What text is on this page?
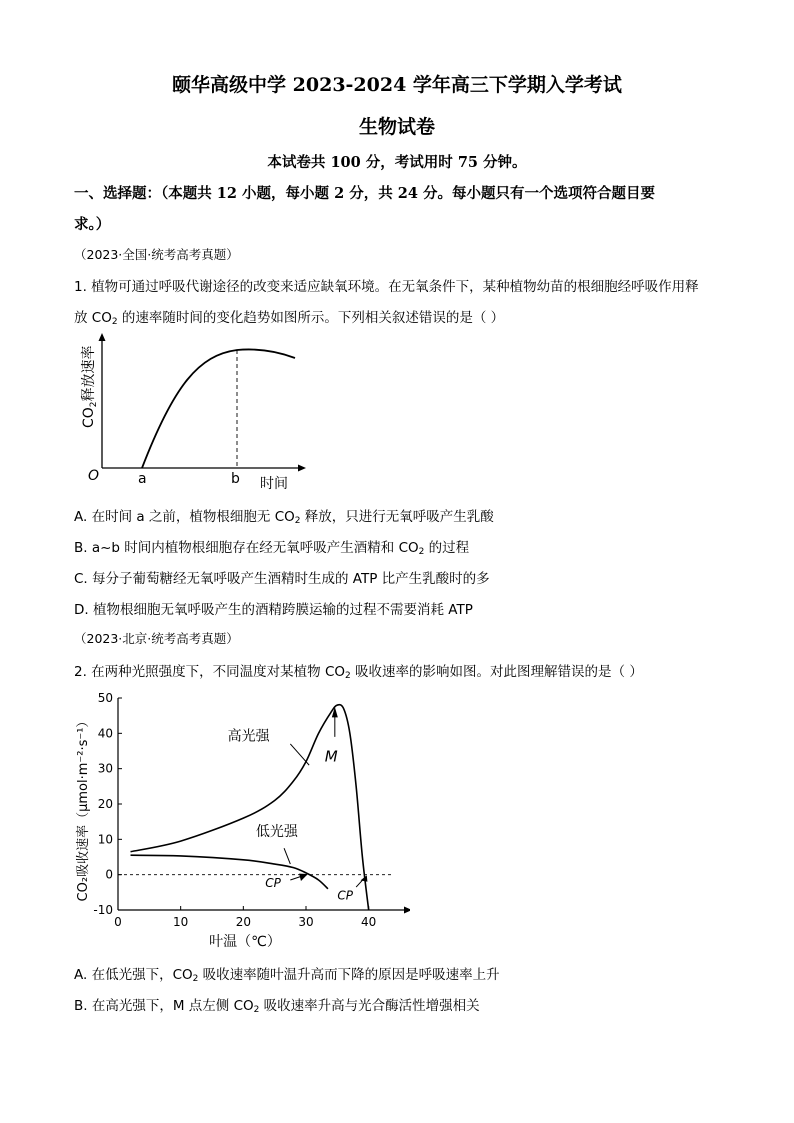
颐华高级中学 2023-2024 学年高三下学期入学考试
生物试卷
本试卷共 100 分，考试用时 75 分钟。
一、选择题：（本题共 12 小题，每小题 2 分，共 24 分。每小题只有一个选项符合题目要
求。）
（2023·全国·统考高考真题）
1. 植物可通过呼吸代谢途径的改变来适应缺氧环境。在无氧条件下，某种植物幼苗的根细胞经呼吸作用释
放 $CO_2$ 的速率随时间的变化趋势如图所示。下列相关叙述错误的是（ ）
O	a	b 时间
$CO_2$释放速率
A. 在时间 a 之前，植物根细胞无 $CO_2$ 释放，只进行无氧呼吸产生乳酸
B. a~b 时间内植物根细胞存在经无氧呼吸产生酒精和 $CO_2$ 的过程
C. 每分子葡萄糖经无氧呼吸产生酒精时生成的 ATP 比产生乳酸时的多
D. 植物根细胞无氧呼吸产生的酒精跨膜运输的过程不需要消耗 ATP
（2023·北京·统考高考真题）
2. 在两种光照强度下，不同温度对某植物 $CO_2$ 吸收速率的影响如图。对此图理解错误的是（ ）
0	10	20	30	40
-10
0
10
20
30
40
50
叶温（℃）
CO₂吸收速率（μmol·m⁻²·s⁻¹）	高光强
低光强
M
CP
CP
A. 在低光强下，$CO_2$ 吸收速率随叶温升高而下降的原因是呼吸速率上升
B. 在高光强下，M 点左侧 $CO_2$ 吸收速率升高与光合酶活性增强相关
